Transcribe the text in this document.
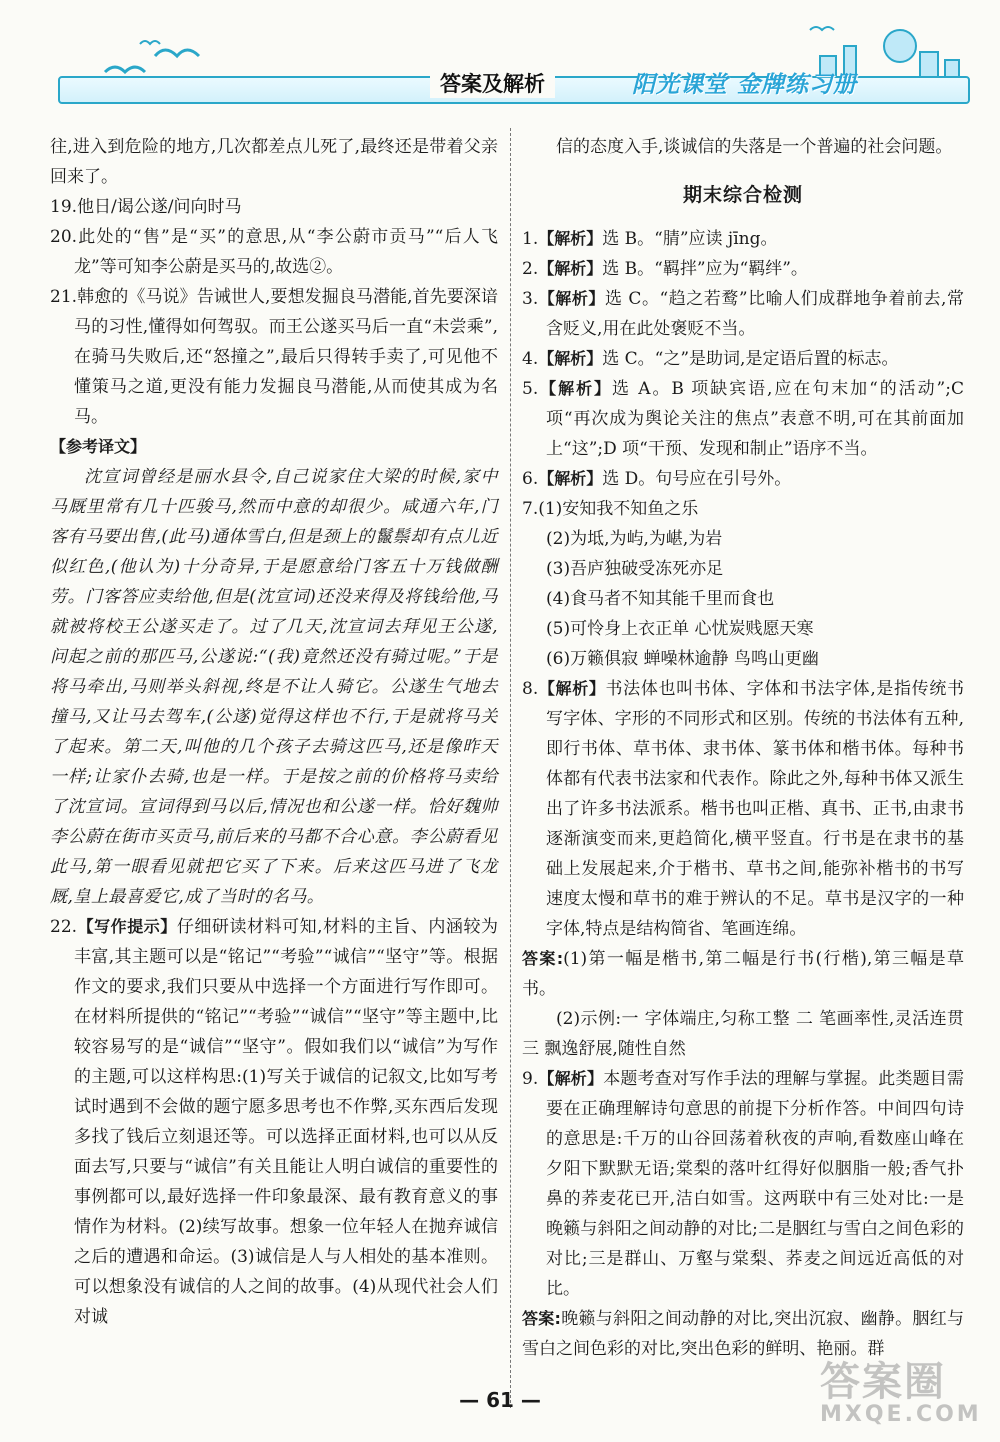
答案及解析	阳光课堂 金牌练习册

往,进入到危险的地方,几次都差点儿死了,最终还是带着父亲回来了。

19.他日/谒公遂/问向时马

20.此处的“售”是“买”的意思,从“李公蔚市贡马”“后人飞龙”等可知李公蔚是买马的,故选②。

21.韩愈的《马说》告诫世人,要想发掘良马潜能,首先要深谙马的习性,懂得如何驾驭。而王公遂买马后一直“未尝乘”,在骑马失败后,还“怒撞之”,最后只得转手卖了,可见他不懂策马之道,更没有能力发掘良马潜能,从而使其成为名马。

【参考译文】

沈宣词曾经是丽水县令,自己说家住大梁的时候,家中马厩里常有几十匹骏马,然而中意的却很少。咸通六年,门客有马要出售,(此马)通体雪白,但是颈上的鬣鬃却有点儿近似红色,(他认为)十分奇异,于是愿意给门客五十万钱做酬劳。门客答应卖给他,但是(沈宣词)还没来得及将钱给他,马就被将校王公遂买走了。过了几天,沈宣词去拜见王公遂,问起之前的那匹马,公遂说:“(我)竟然还没有骑过呢。”于是将马牵出,马则举头斜视,终是不让人骑它。公遂生气地去撞马,又让马去驾车,(公遂)觉得这样也不行,于是就将马关了起来。第二天,叫他的几个孩子去骑这匹马,还是像昨天一样;让家仆去骑,也是一样。于是按之前的价格将马卖给了沈宣词。宣词得到马以后,情况也和公遂一样。恰好魏帅李公蔚在街市买贡马,前后来的马都不合心意。李公蔚看见此马,第一眼看见就把它买了下来。后来这匹马进了飞龙厩,皇上最喜爱它,成了当时的名马。

22.【写作提示】仔细研读材料可知,材料的主旨、内涵较为丰富,其主题可以是“铭记”“考验”“诚信”“坚守”等。根据作文的要求,我们只要从中选择一个方面进行写作即可。在材料所提供的“铭记”“考验”“诚信”“坚守”等主题中,比较容易写的是“诚信”“坚守”。假如我们以“诚信”为写作的主题,可以这样构思:(1)写关于诚信的记叙文,比如写考试时遇到不会做的题宁愿多思考也不作弊,买东西后发现多找了钱后立刻退还等。可以选择正面材料,也可以从反面去写,只要与“诚信”有关且能让人明白诚信的重要性的事例都可以,最好选择一件印象最深、最有教育意义的事情作为材料。(2)续写故事。想象一位年轻人在抛弃诚信之后的遭遇和命运。(3)诚信是人与人相处的基本准则。可以想象没有诚信的人之间的故事。(4)从现代社会人们对诚

信的态度入手,谈诚信的失落是一个普遍的社会问题。

期末综合检测

1.【解析】选 B。“腈”应读 jīng。

2.【解析】选 B。“羁拌”应为“羁绊”。

3.【解析】选 C。“趋之若鹜”比喻人们成群地争着前去,常含贬义,用在此处褒贬不当。

4.【解析】选 C。“之”是助词,是定语后置的标志。

5.【解析】选 A。B 项缺宾语,应在句末加“的活动”;C 项“再次成为舆论关注的焦点”表意不明,可在其前面加上“这”;D 项“干预、发现和制止”语序不当。

6.【解析】选 D。句号应在引号外。

7.(1)安知我不知鱼之乐

(2)为坻,为屿,为嵁,为岩

(3)吾庐独破受冻死亦足

(4)食马者不知其能千里而食也

(5)可怜身上衣正单 心忧炭贱愿天寒

(6)万籁俱寂 蝉噪林逾静 鸟鸣山更幽

8.【解析】书法体也叫书体、字体和书法字体,是指传统书写字体、字形的不同形式和区别。传统的书法体有五种,即行书体、草书体、隶书体、篆书体和楷书体。每种书体都有代表书法家和代表作。除此之外,每种书体又派生出了许多书法派系。楷书也叫正楷、真书、正书,由隶书逐渐演变而来,更趋简化,横平竖直。行书是在隶书的基础上发展起来,介于楷书、草书之间,能弥补楷书的书写速度太慢和草书的难于辨认的不足。草书是汉字的一种字体,特点是结构简省、笔画连绵。

答案:(1)第一幅是楷书,第二幅是行书(行楷),第三幅是草书。

(2)示例:一 字体端庄,匀称工整 二 笔画率性,灵活连贯 三 飘逸舒展,随性自然

9.【解析】本题考查对写作手法的理解与掌握。此类题目需要在正确理解诗句意思的前提下分析作答。中间四句诗的意思是:千万的山谷回荡着秋夜的声响,看数座山峰在夕阳下默默无语;棠梨的落叶红得好似胭脂一般;香气扑鼻的荞麦花已开,洁白如雪。这两联中有三处对比:一是晚籁与斜阳之间动静的对比;二是胭红与雪白之间色彩的对比;三是群山、万壑与棠梨、荞麦之间远近高低的对比。

答案:晚籁与斜阳之间动静的对比,突出沉寂、幽静。胭红与雪白之间色彩的对比,突出色彩的鲜明、艳丽。群

— 61 —	答案圈
MXQE.COM
